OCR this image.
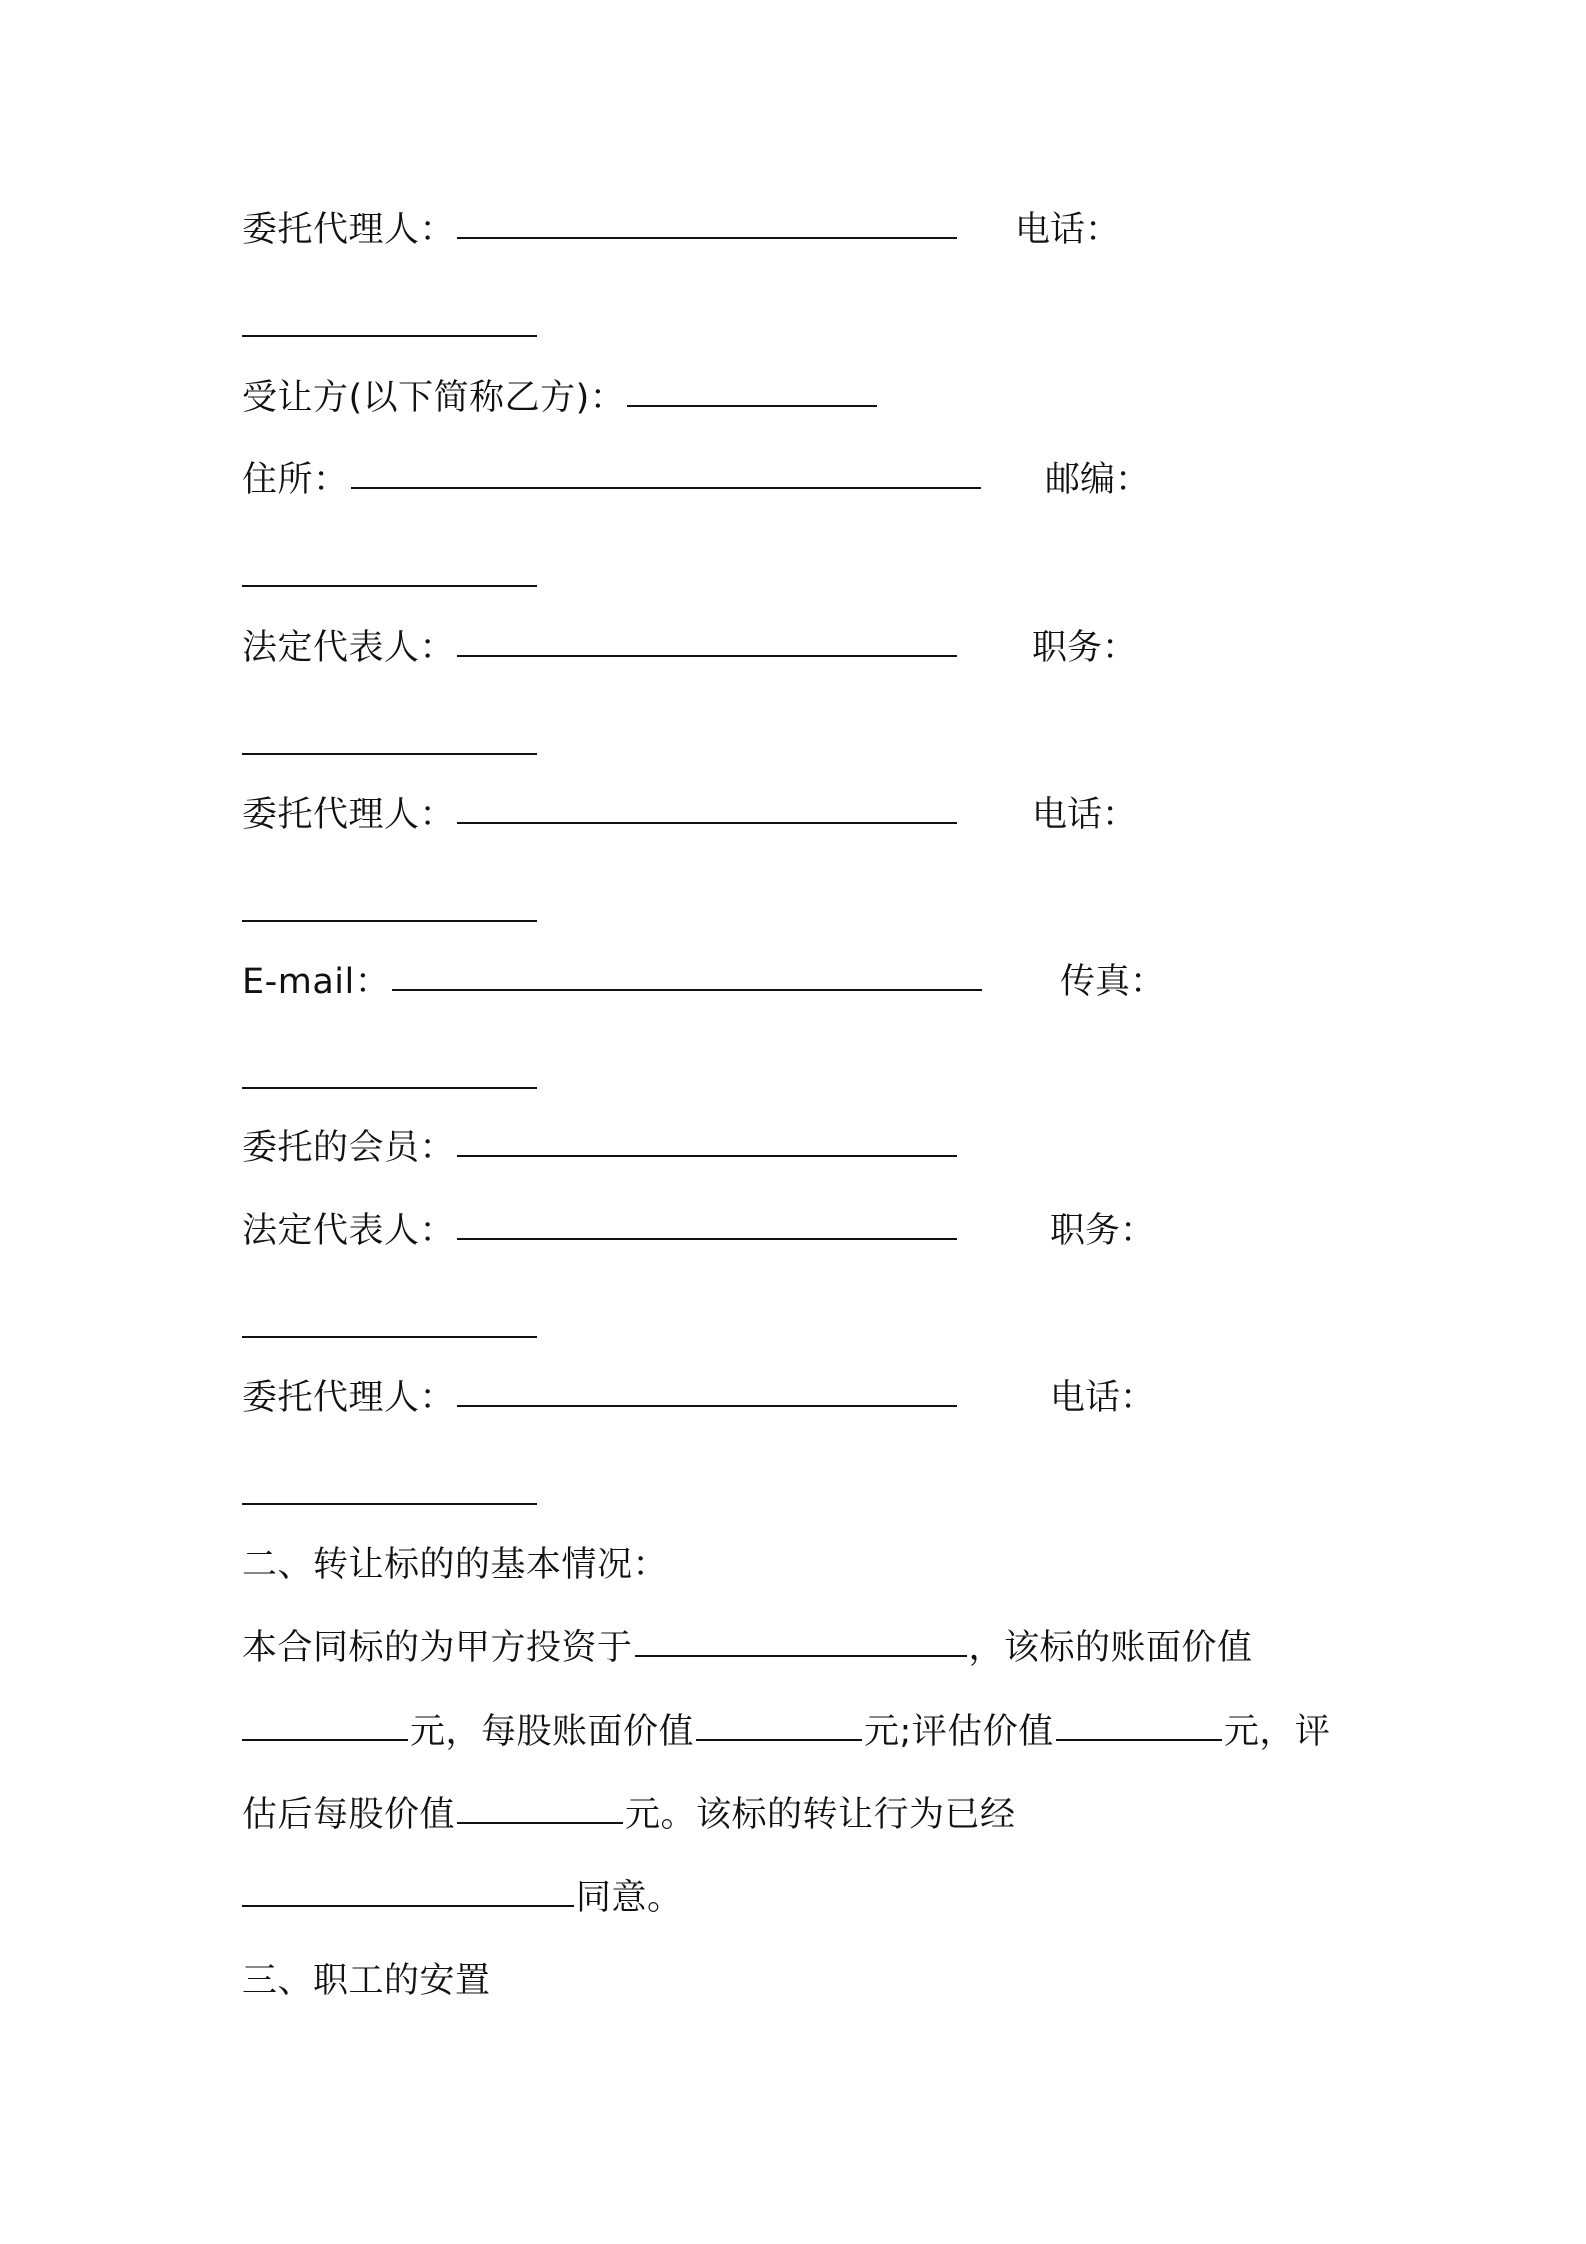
委托代理人：	电话：
受让方(以下简称乙方)：
住所：	邮编：
法定代表人：	职务：
委托代理人：	电话：
E-mail：	传真：
委托的会员：
法定代表人：	职务：
委托代理人：	电话：
二、转让标的的基本情况：
本合同标的为甲方投资于	，该标的账面价值
元，每股账面价值	元;评估价值	元，评
估后每股价值	元。该标的转让行为已经
同意。
三、职工的安置
